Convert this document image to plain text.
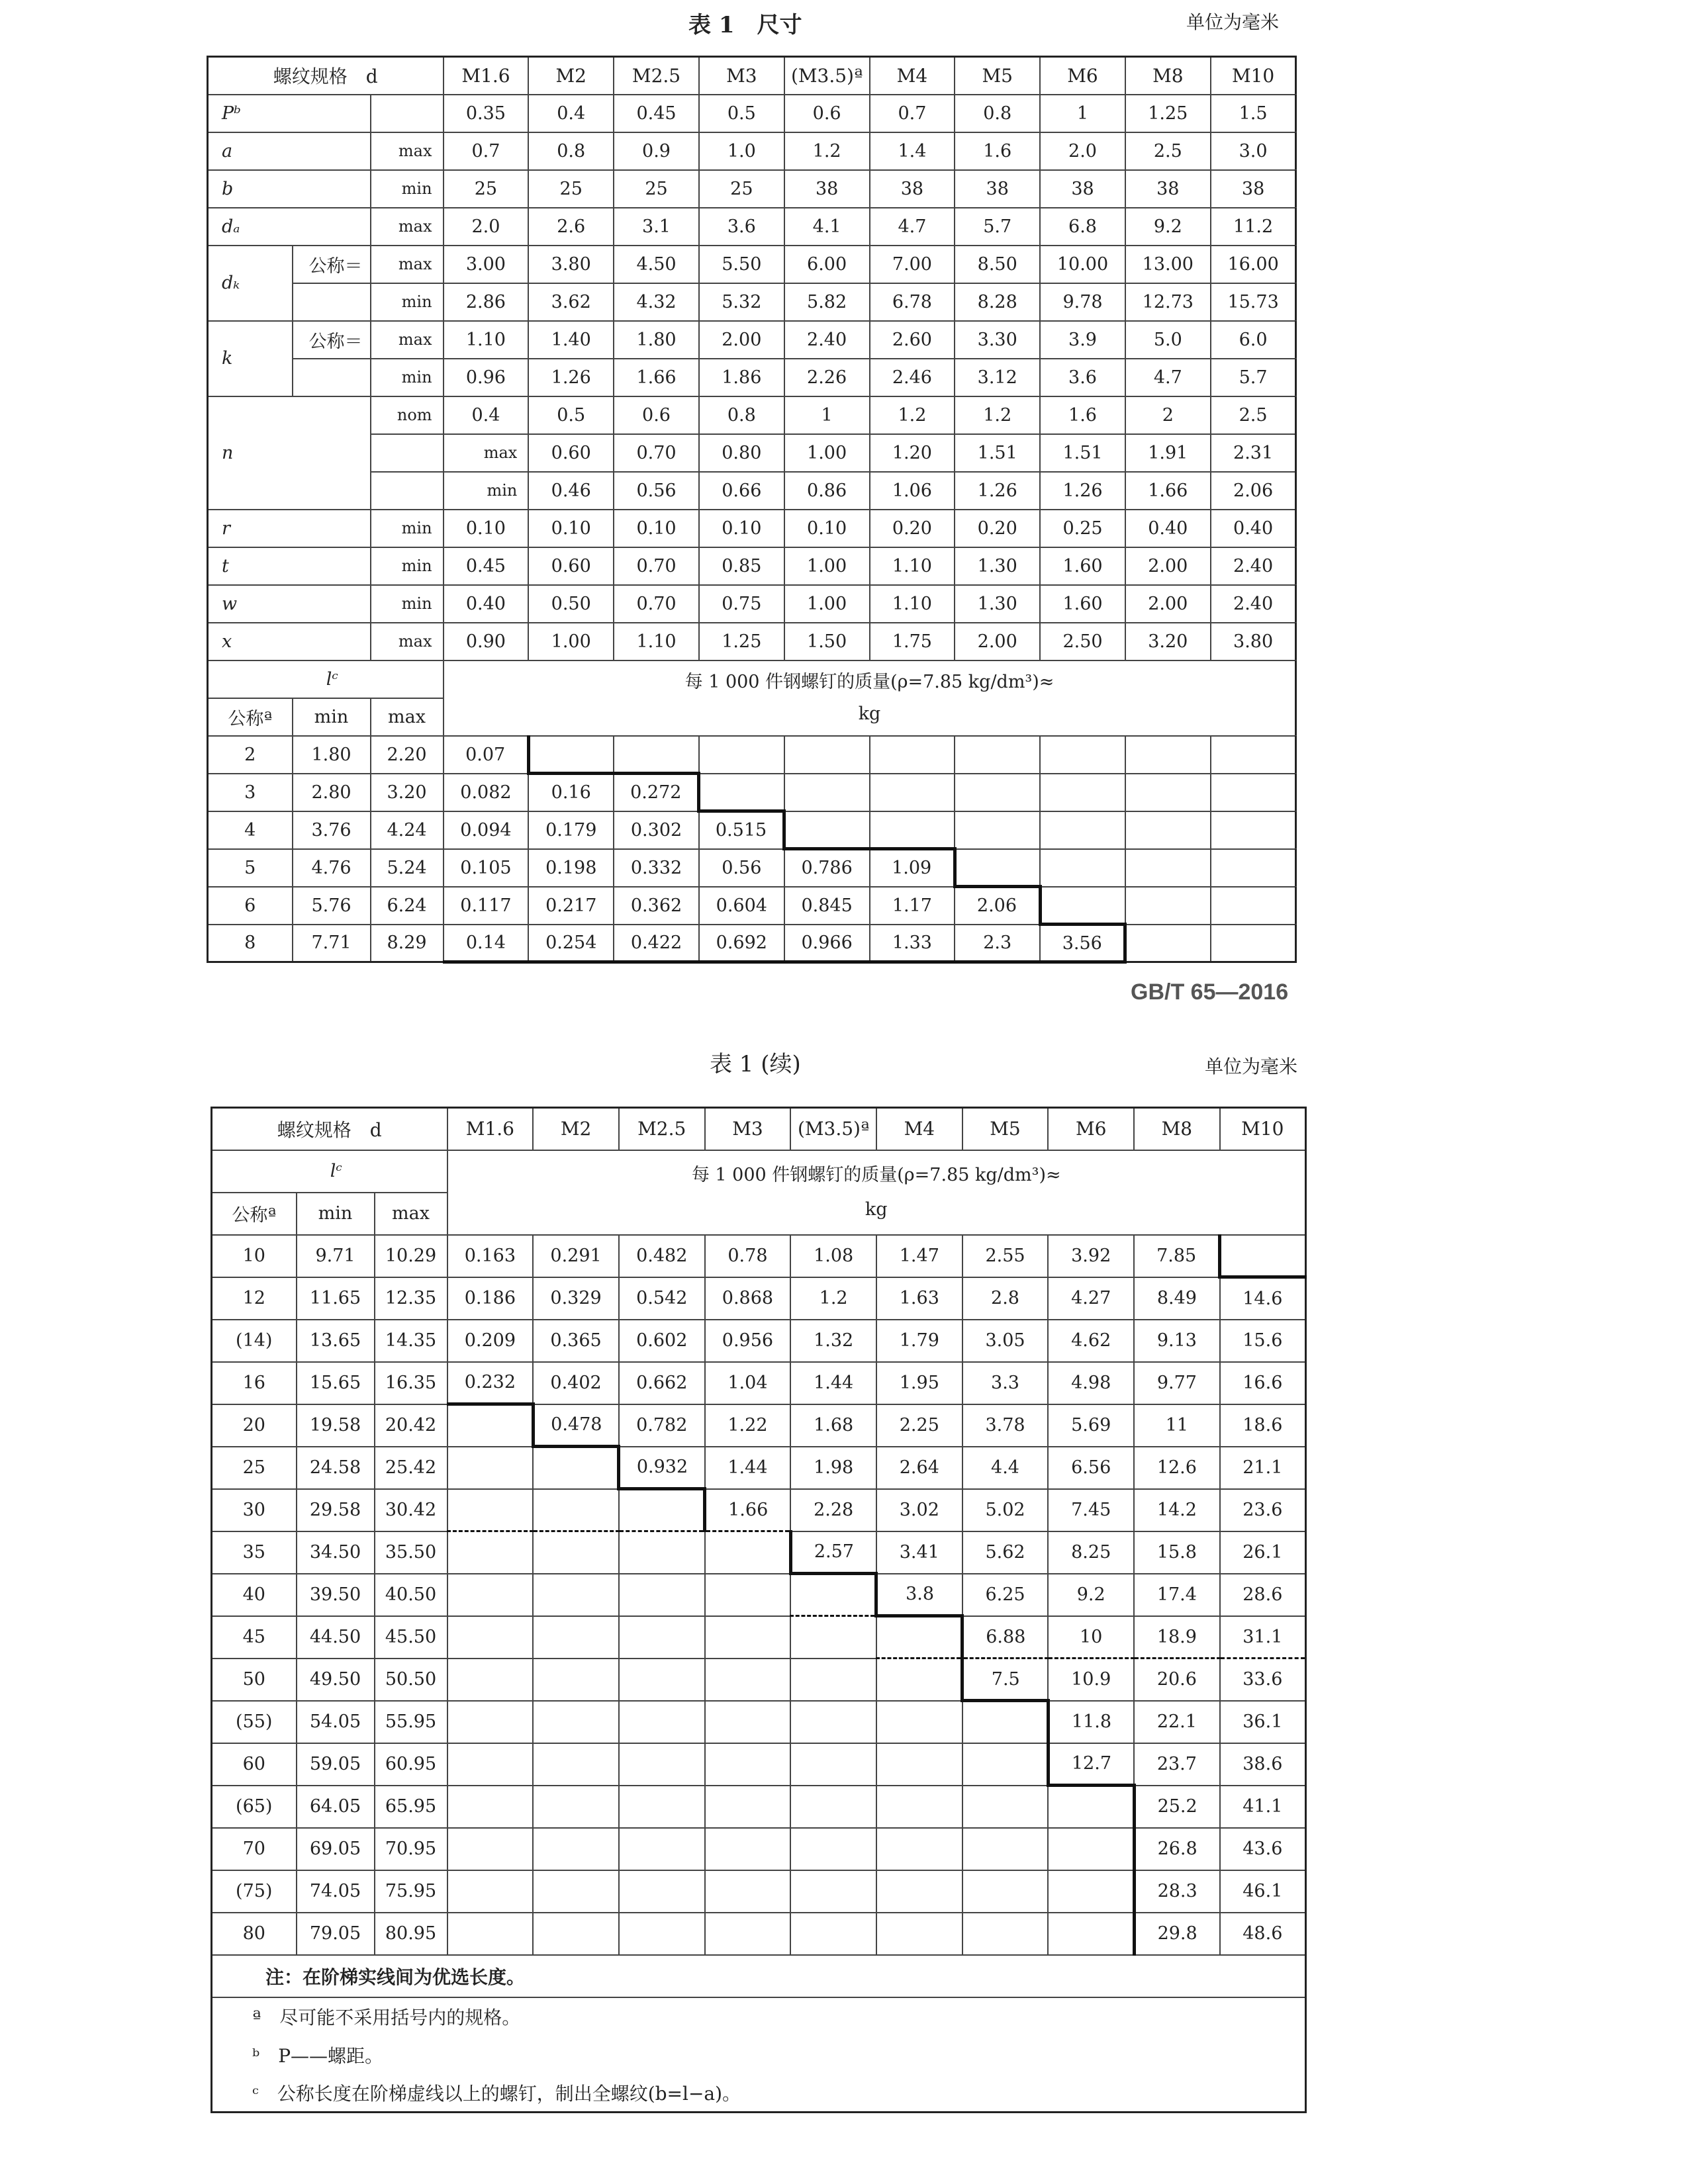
表 1　尺寸	单位为毫米
螺纹规格　d			M1.6	M2	M2.5	M3	(M3.5)ª	M4	M5	M6	M8	M10	
Pᵇ			0.35	0.4	0.45	0.5	0.6	0.7	0.8	1	1.25	1.5	
a		max	0.7	0.8	0.9	1.0	1.2	1.4	1.6	2.0	2.5	3.0	
b		min	25	25	25	25	38	38	38	38	38	38	
dₐ		max	2.0	2.6	3.1	3.6	4.1	4.7	5.7	6.8	9.2	11.2	
dₖ	公称＝	max	3.00	3.80	4.50	5.50	6.00	7.00	8.50	10.00	13.00	16.00	
		min	2.86	3.62	4.32	5.32	5.82	6.78	8.28	9.78	12.73	15.73	
k	公称＝	max	1.10	1.40	1.80	2.00	2.40	2.60	3.30	3.9	5.0	6.0	
		min	0.96	1.26	1.66	1.86	2.26	2.46	3.12	3.6	4.7	5.7	
n		nom	0.4	0.5	0.6	0.8	1	1.2	1.2	1.6	2	2.5	
			max	0.60	0.70	0.80	1.00	1.20	1.51	1.51	1.91	2.31	
			min	0.46	0.56	0.66	0.86	1.06	1.26	1.26	1.66	2.06	
r		min	0.10	0.10	0.10	0.10	0.10	0.20	0.20	0.25	0.40	0.40	
t		min	0.45	0.60	0.70	0.85	1.00	1.10	1.30	1.60	2.00	2.40	
w		min	0.40	0.50	0.70	0.75	1.00	1.10	1.30	1.60	2.00	2.40	
x		max	0.90	1.00	1.10	1.25	1.50	1.75	2.00	2.50	3.20	3.80	
lᶜ			每 1 000 件钢螺钉的质量(ρ=7.85 kg/dm³)≈
kg										

公称ª	min	max											
2	1.80	2.20	0.07										
3	2.80	3.20	0.082	0.16	0.272								
4	3.76	4.24	0.094	0.179	0.302	0.515							
5	4.76	5.24	0.105	0.198	0.332	0.56	0.786	1.09					
6	5.76	6.24	0.117	0.217	0.362	0.604	0.845	1.17	2.06				
8	7.71	8.29	0.14	0.254	0.422	0.692	0.966	1.33	2.3	3.56			
GB/T 65—2016
表 1 (续)	单位为毫米
螺纹规格　d			M1.6	M2	M2.5	M3	(M3.5)ª	M4	M5	M6	M8	M10
lᶜ			每 1 000 件钢螺钉的质量(ρ=7.85 kg/dm³)≈
kg									

公称ª	min	max										
10	9.71	10.29	0.163	0.291	0.482	0.78	1.08	1.47	2.55	3.92	7.85	
12	11.65	12.35	0.186	0.329	0.542	0.868	1.2	1.63	2.8	4.27	8.49	14.6
(14)	13.65	14.35	0.209	0.365	0.602	0.956	1.32	1.79	3.05	4.62	9.13	15.6
16	15.65	16.35	0.232	0.402	0.662	1.04	1.44	1.95	3.3	4.98	9.77	16.6
20	19.58	20.42		0.478	0.782	1.22	1.68	2.25	3.78	5.69	11	18.6
25	24.58	25.42			0.932	1.44	1.98	2.64	4.4	6.56	12.6	21.1
30	29.58	30.42				1.66	2.28	3.02	5.02	7.45	14.2	23.6
35	34.50	35.50					2.57	3.41	5.62	8.25	15.8	26.1
40	39.50	40.50						3.8	6.25	9.2	17.4	28.6
45	44.50	45.50							6.88	10	18.9	31.1
50	49.50	50.50							7.5	10.9	20.6	33.6
(55)	54.05	55.95								11.8	22.1	36.1
60	59.05	60.95								12.7	23.7	38.6
(65)	64.05	65.95									25.2	41.1
70	69.05	70.95									26.8	43.6
(75)	74.05	75.95									28.3	46.1
80	79.05	80.95									29.8	48.6
注：在阶梯实线间为优选长度。												
ª　尽可能不采用括号内的规格。												
ᵇ　P——螺距。												
ᶜ　公称长度在阶梯虚线以上的螺钉，制出全螺纹(b=l−a)。												
